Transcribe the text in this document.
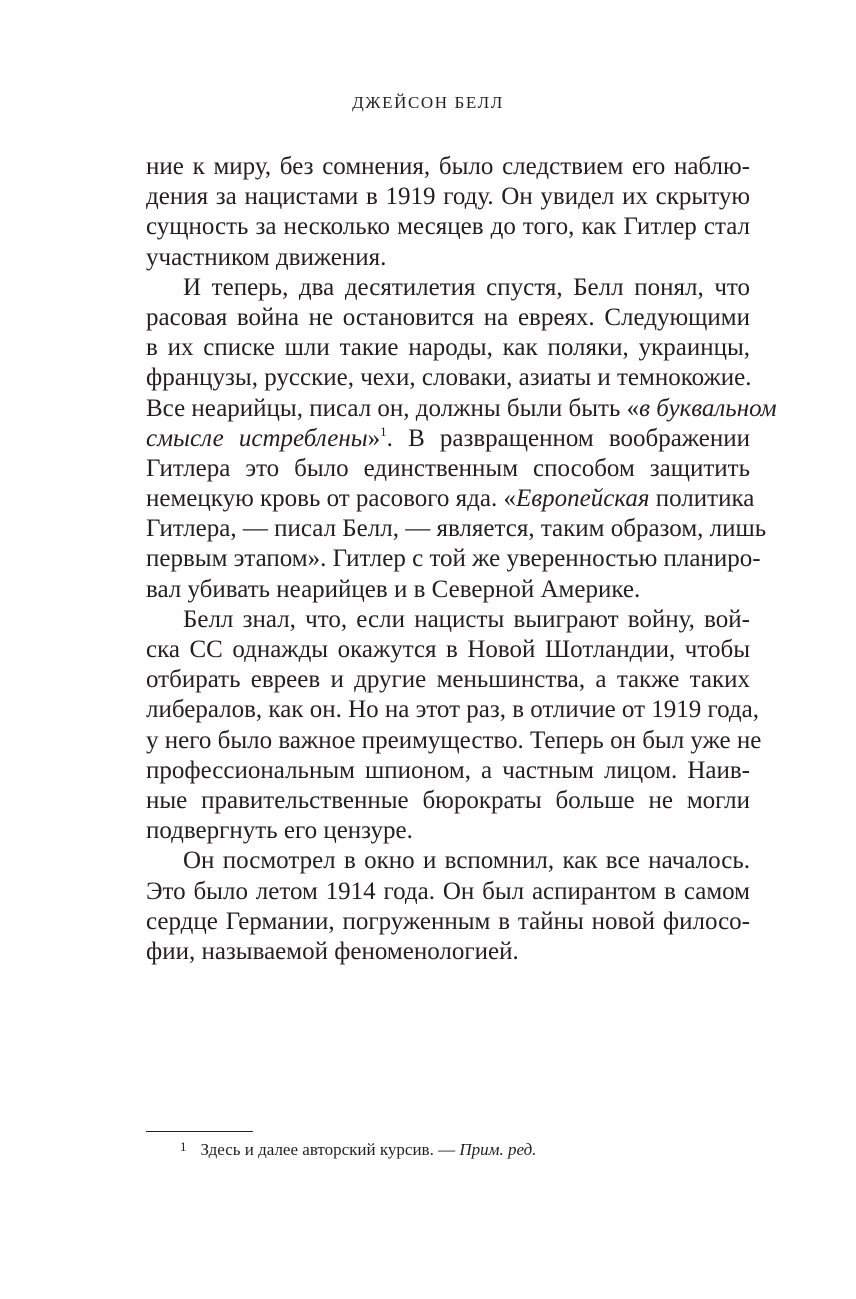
ДЖЕЙСОН БЕЛЛ
ние к миру, без сомнения, было следствием его наблю-
дения за нацистами в 1919 году. Он увидел их скрытую
сущность за несколько месяцев до того, как Гитлер стал
участником движения.
И теперь, два десятилетия спустя, Белл понял, что
расовая война не остановится на евреях. Следующими
в их списке шли такие народы, как поляки, украинцы,
французы, русские, чехи, словаки, азиаты и темнокожие.
Все неарийцы, писал он, должны были быть «в буквальном
смысле истреблены»$^1$. В развращенном воображении
Гитлера это было единственным способом защитить
немецкую кровь от расового яда. «Европейская политика
Гитлера, — писал Белл, — является, таким образом, лишь
первым этапом». Гитлер с той же уверенностью планиро-
вал убивать неарийцев и в Северной Америке.
Белл знал, что, если нацисты выиграют войну, вой-
ска СС однажды окажутся в Новой Шотландии, чтобы
отбирать евреев и другие меньшинства, а также таких
либералов, как он. Но на этот раз, в отличие от 1919 года,
у него было важное преимущество. Теперь он был уже не
профессиональным шпионом, а частным лицом. Наив-
ные правительственные бюрократы больше не могли
подвергнуть его цензуре.
Он посмотрел в окно и вспомнил, как все началось.
Это было летом 1914 года. Он был аспирантом в самом
сердце Германии, погруженным в тайны новой филосо-
фии, называемой феноменологией.
$^1$ Здесь и далее авторский курсив. — Прим. ред.
